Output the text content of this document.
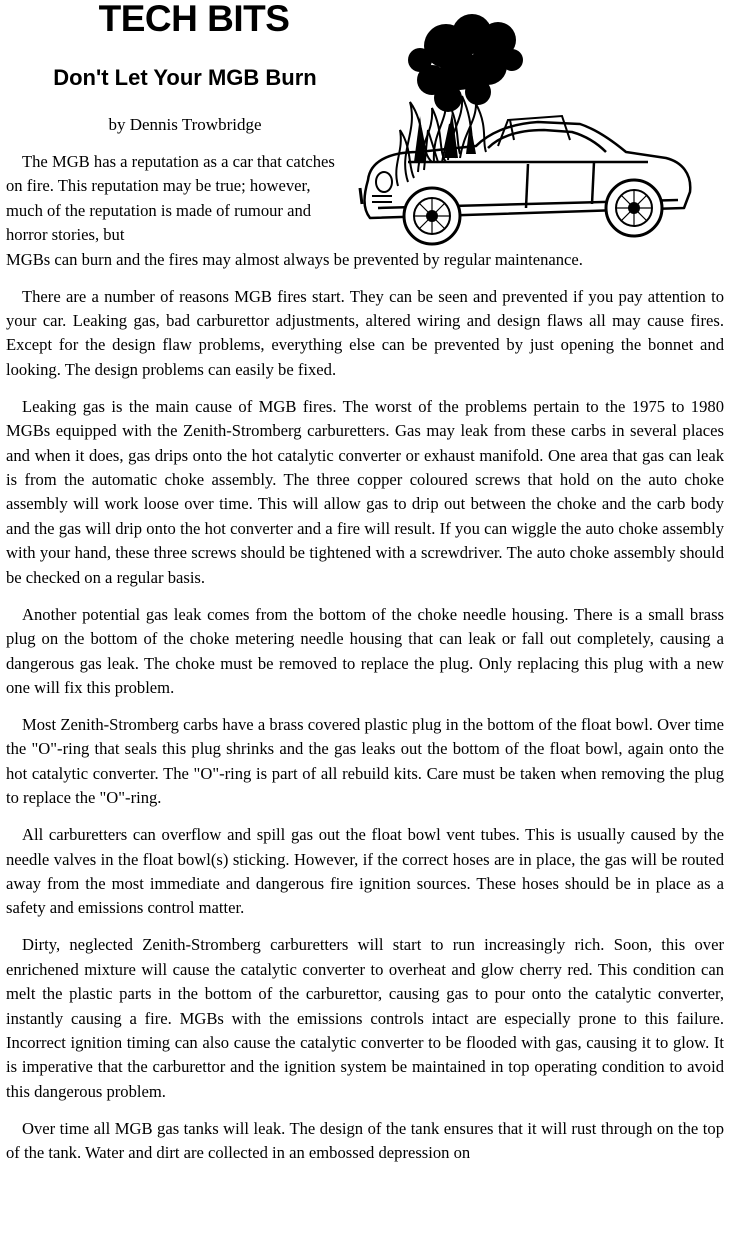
TECH BITS
Don't Let Your MGB Burn
by Dennis Trowbridge

The MGB has a reputation as a car that catches on fire. This reputation may be true; however, much of the reputation is made of rumour and horror stories, but

MGBs can burn and the fires may almost always be prevented by regular maintenance.

There are a number of reasons MGB fires start. They can be seen and prevented if you pay attention to your car. Leaking gas, bad carburettor adjustments, altered wiring and design flaws all may cause fires. Except for the design flaw problems, everything else can be prevented by just opening the bonnet and looking. The design problems can easily be fixed.

Leaking gas is the main cause of MGB fires. The worst of the problems pertain to the 1975 to 1980 MGBs equipped with the Zenith-Stromberg carburetters. Gas may leak from these carbs in several places and when it does, gas drips onto the hot catalytic converter or exhaust manifold. One area that gas can leak is from the automatic choke assembly. The three copper coloured screws that hold on the auto choke assembly will work loose over time. This will allow gas to drip out between the choke and the carb body and the gas will drip onto the hot converter and a fire will result. If you can wiggle the auto choke assembly with your hand, these three screws should be tightened with a screwdriver. The auto choke assembly should be checked on a regular basis.

Another potential gas leak comes from the bottom of the choke needle housing. There is a small brass plug on the bottom of the choke metering needle housing that can leak or fall out completely, causing a dangerous gas leak. The choke must be removed to replace the plug. Only replacing this plug with a new one will fix this problem.

Most Zenith-Stromberg carbs have a brass covered plastic plug in the bottom of the float bowl. Over time the "O"-ring that seals this plug shrinks and the gas leaks out the bottom of the float bowl, again onto the hot catalytic converter. The "O"-ring is part of all rebuild kits. Care must be taken when removing the plug to replace the "O"-ring.

All carburetters can overflow and spill gas out the float bowl vent tubes. This is usually caused by the needle valves in the float bowl(s) sticking. However, if the correct hoses are in place, the gas will be routed away from the most immediate and dangerous fire ignition sources. These hoses should be in place as a safety and emissions control matter.

Dirty, neglected Zenith-Stromberg carburetters will start to run increasingly rich. Soon, this over enrichened mixture will cause the catalytic converter to overheat and glow cherry red. This condition can melt the plastic parts in the bottom of the carburettor, causing gas to pour onto the catalytic converter, instantly causing a fire. MGBs with the emissions controls intact are especially prone to this failure. Incorrect ignition timing can also cause the catalytic converter to be flooded with gas, causing it to glow. It is imperative that the carburettor and the ignition system be maintained in top operating condition to avoid this dangerous problem.

Over time all MGB gas tanks will leak. The design of the tank ensures that it will rust through on the top of the tank. Water and dirt are collected in an embossed depression on
